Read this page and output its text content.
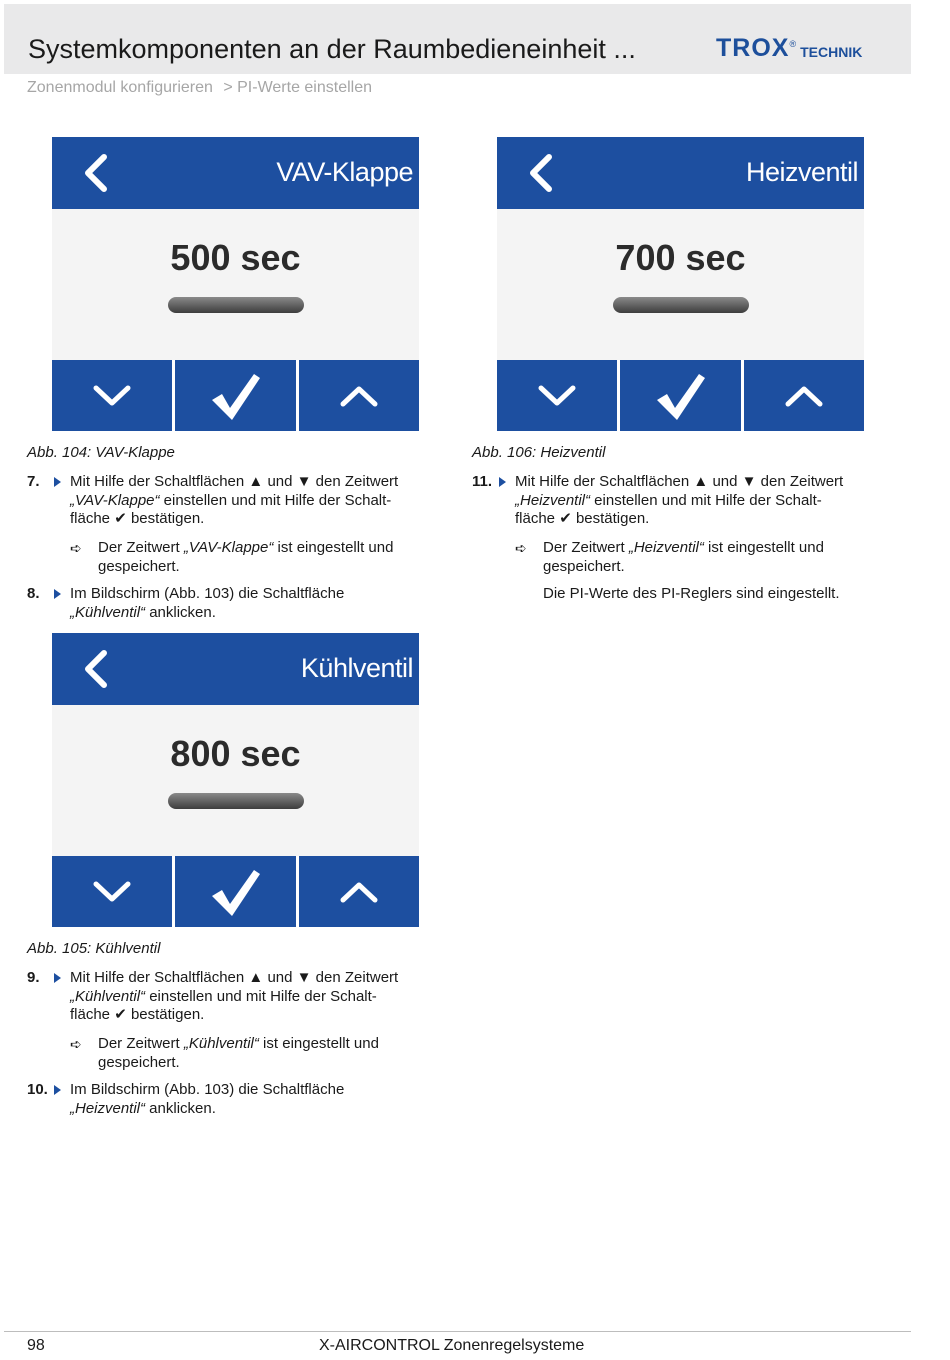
Systemkomponenten an der Raumbedieneinheit ...	TROX ® TECHNIK
Zonenmodul konfigurieren > PI-Werte einstellen
VAV-Klappe
500 sec
Abb. 104: VAV-Klappe
Heizventil
700 sec
Abb. 106: Heizventil
7. Mit Hilfe der Schaltflächen ▲ und ▼ den Zeitwert
„VAV-Klappe“ einstellen und mit Hilfe der Schalt-
fläche ✔ bestätigen.
➪ Der Zeitwert „VAV-Klappe“ ist eingestellt und gespeichert.
8. Im Bildschirm (Abb. 103) die Schaltfläche
„Kühlventil“ anklicken.
11. Mit Hilfe der Schaltflächen ▲ und ▼ den Zeitwert
„Heizventil“ einstellen und mit Hilfe der Schalt-
fläche ✔ bestätigen.
➪ Der Zeitwert „Heizventil“ ist eingestellt und gespeichert.
Die PI-Werte des PI-Reglers sind eingestellt.
Kühlventil
800 sec
Abb. 105: Kühlventil
9. Mit Hilfe der Schaltflächen ▲ und ▼ den Zeitwert
„Kühlventil“ einstellen und mit Hilfe der Schalt-
fläche ✔ bestätigen.
➪ Der Zeitwert „Kühlventil“ ist eingestellt und gespeichert.
10. Im Bildschirm (Abb. 103) die Schaltfläche
„Heizventil“ anklicken.
98	X-AIRCONTROL Zonenregelsysteme
